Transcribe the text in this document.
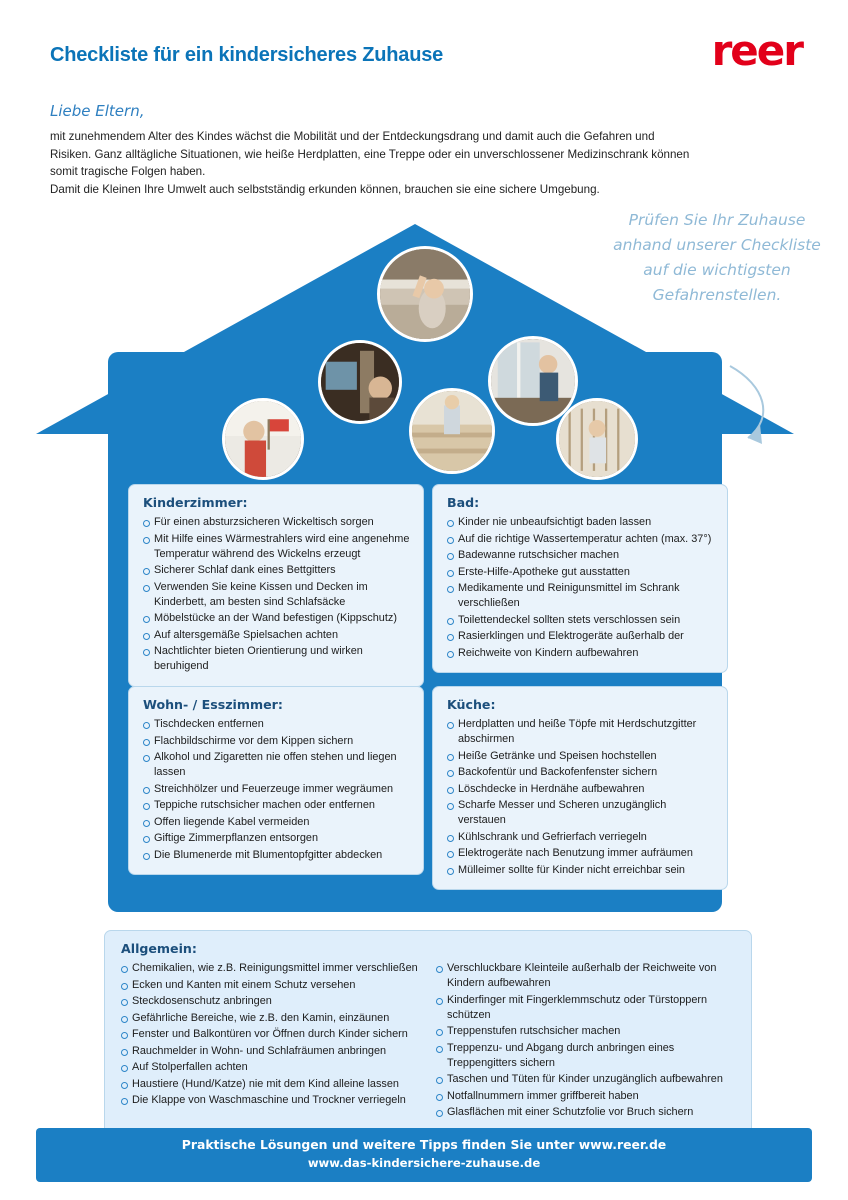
Checkliste für ein kindersicheres Zuhause	reer
Liebe Eltern,

mit zunehmendem Alter des Kindes wächst die Mobilität und der Entdeckungsdrang und damit auch die Gefahren und Risiken. Ganz alltägliche Situationen, wie heiße Herdplatten, eine Treppe oder ein unverschlossener Medizinschrank können somit tragische Folgen haben.

Damit die Kleinen Ihre Umwelt auch selbstständig erkunden können, brauchen sie eine sichere Umgebung.

Prüfen Sie Ihr Zuhause anhand unserer Checkliste auf die wichtigsten Gefahrenstellen.
Kinderzimmer:
Für einen absturzsicheren Wickeltisch sorgen
Mit Hilfe eines Wärmestrahlers wird eine angenehme Temperatur während des Wickelns erzeugt
Sicherer Schlaf dank eines Bettgitters
Verwenden Sie keine Kissen und Decken im Kinderbett, am besten sind Schlafsäcke
Möbelstücke an der Wand befestigen (Kippschutz)
Auf altersgemäße Spielsachen achten
Nachtlichter bieten Orientierung und wirken beruhigend
Bad:
Kinder nie unbeaufsichtigt baden lassen
Auf die richtige Wassertemperatur achten (max. 37°)
Badewanne rutschsicher machen
Erste-Hilfe-Apotheke gut ausstatten
Medikamente und Reinigunsmittel im Schrank verschließen
Toilettendeckel sollten stets verschlossen sein
Rasierklingen und Elektrogeräte außerhalb der
Reichweite von Kindern aufbewahren
Wohn- / Esszimmer:
Tischdecken entfernen
Flachbildschirme vor dem Kippen sichern
Alkohol und Zigaretten nie offen stehen und liegen lassen
Streichhölzer und Feuerzeuge immer wegräumen
Teppiche rutschsicher machen oder entfernen
Offen liegende Kabel vermeiden
Giftige Zimmerpflanzen entsorgen
Die Blumenerde mit Blumentopfgitter abdecken
Küche:
Herdplatten und heiße Töpfe mit Herdschutzgitter abschirmen
Heiße Getränke und Speisen hochstellen
Backofentür und Backofenfenster sichern
Löschdecke in Herdnähe aufbewahren
Scharfe Messer und Scheren unzugänglich verstauen
Kühlschrank und Gefrierfach verriegeln
Elektrogeräte nach Benutzung immer aufräumen
Mülleimer sollte für Kinder nicht erreichbar sein
Allgemein:
Chemikalien, wie z.B. Reinigungsmittel immer verschließen
Ecken und Kanten mit einem Schutz versehen
Steckdosenschutz anbringen
Gefährliche Bereiche, wie z.B. den Kamin, einzäunen
Fenster und Balkontüren vor Öffnen durch Kinder sichern
Rauchmelder in Wohn- und Schlafräumen anbringen
Auf Stolperfallen achten
Haustiere (Hund/Katze) nie mit dem Kind alleine lassen
Die Klappe von Waschmaschine und Trockner verriegeln
Verschluckbare Kleinteile außerhalb der Reichweite von Kindern aufbewahren
Kinderfinger mit Fingerklemmschutz oder Türstoppern schützen
Treppenstufen rutschsicher machen
Treppenzu- und Abgang durch anbringen eines Treppengitters sichern
Taschen und Tüten für Kinder unzugänglich aufbewahren
Notfallnummern immer griffbereit haben
Glasflächen mit einer Schutzfolie vor Bruch sichern
Praktische Lösungen und weitere Tipps finden Sie unter www.reer.de
www.das-kindersichere-zuhause.de
